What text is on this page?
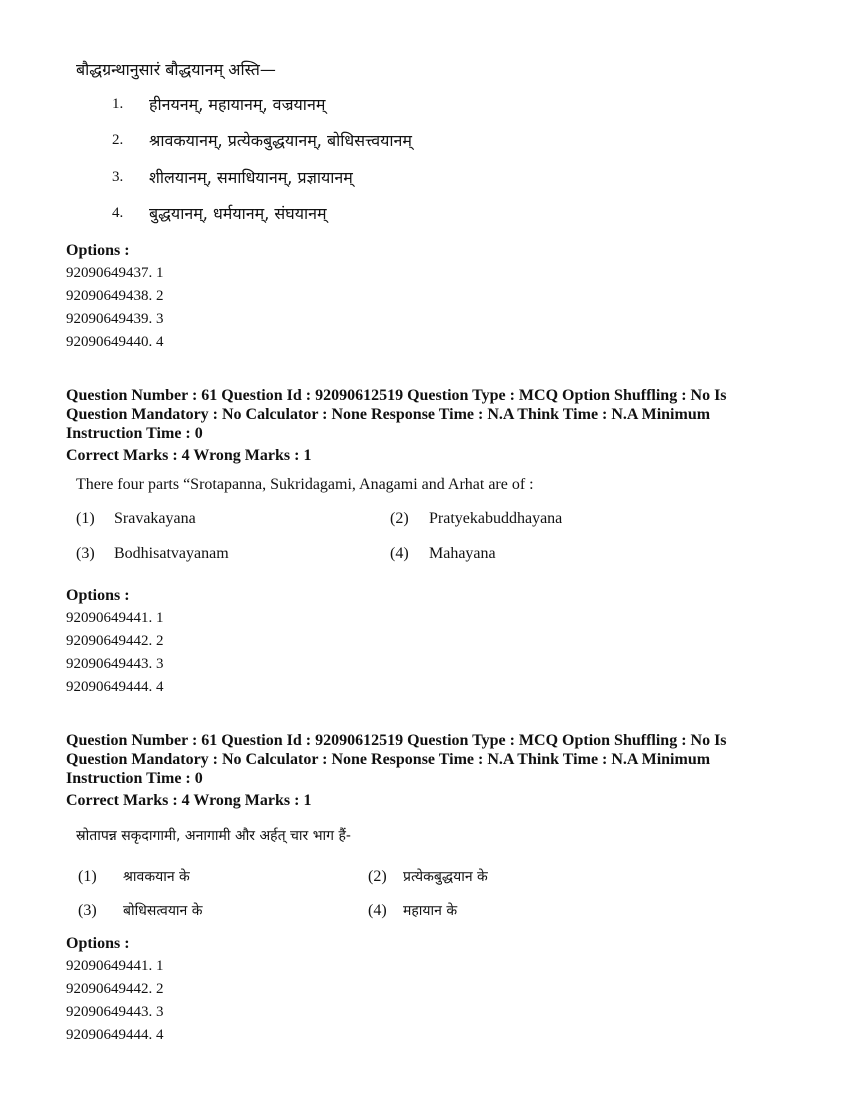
बौद्धग्रन्थानुसारं बौद्धयानम् अस्ति—
1. हीनयनम्, महायानम्, वज्रयानम्
2. श्रावकयानम्, प्रत्येकबुद्धयानम्, बोधिसत्त्वयानम्
3. शीलयानम्, समाधियानम्, प्रज्ञायानम्
4. बुद्धयानम्, धर्मयानम्, संघयानम्
Options :
92090649437. 1
92090649438. 2
92090649439. 3
92090649440. 4
Question Number : 61 Question Id : 92090612519 Question Type : MCQ Option Shuffling : No Is
Question Mandatory : No Calculator : None Response Time : N.A Think Time : N.A Minimum
Instruction Time : 0
Correct Marks : 4 Wrong Marks : 1
There four parts “Srotapanna, Sukridagami, Anagami and Arhat are of :
(1) Sravakayana	(2) Pratyekabuddhayana
(3) Bodhisatvayanam	(4) Mahayana
Options :
92090649441. 1
92090649442. 2
92090649443. 3
92090649444. 4
Question Number : 61 Question Id : 92090612519 Question Type : MCQ Option Shuffling : No Is
Question Mandatory : No Calculator : None Response Time : N.A Think Time : N.A Minimum
Instruction Time : 0
Correct Marks : 4 Wrong Marks : 1
स्रोतापन्न सकृदागामी, अनागामी और अर्हत् चार भाग हैं-
(1) श्रावकयान के	(2) प्रत्येकबुद्धयान के
(3) बोधिसत्वयान के	(4) महायान के
Options :
92090649441. 1
92090649442. 2
92090649443. 3
92090649444. 4
